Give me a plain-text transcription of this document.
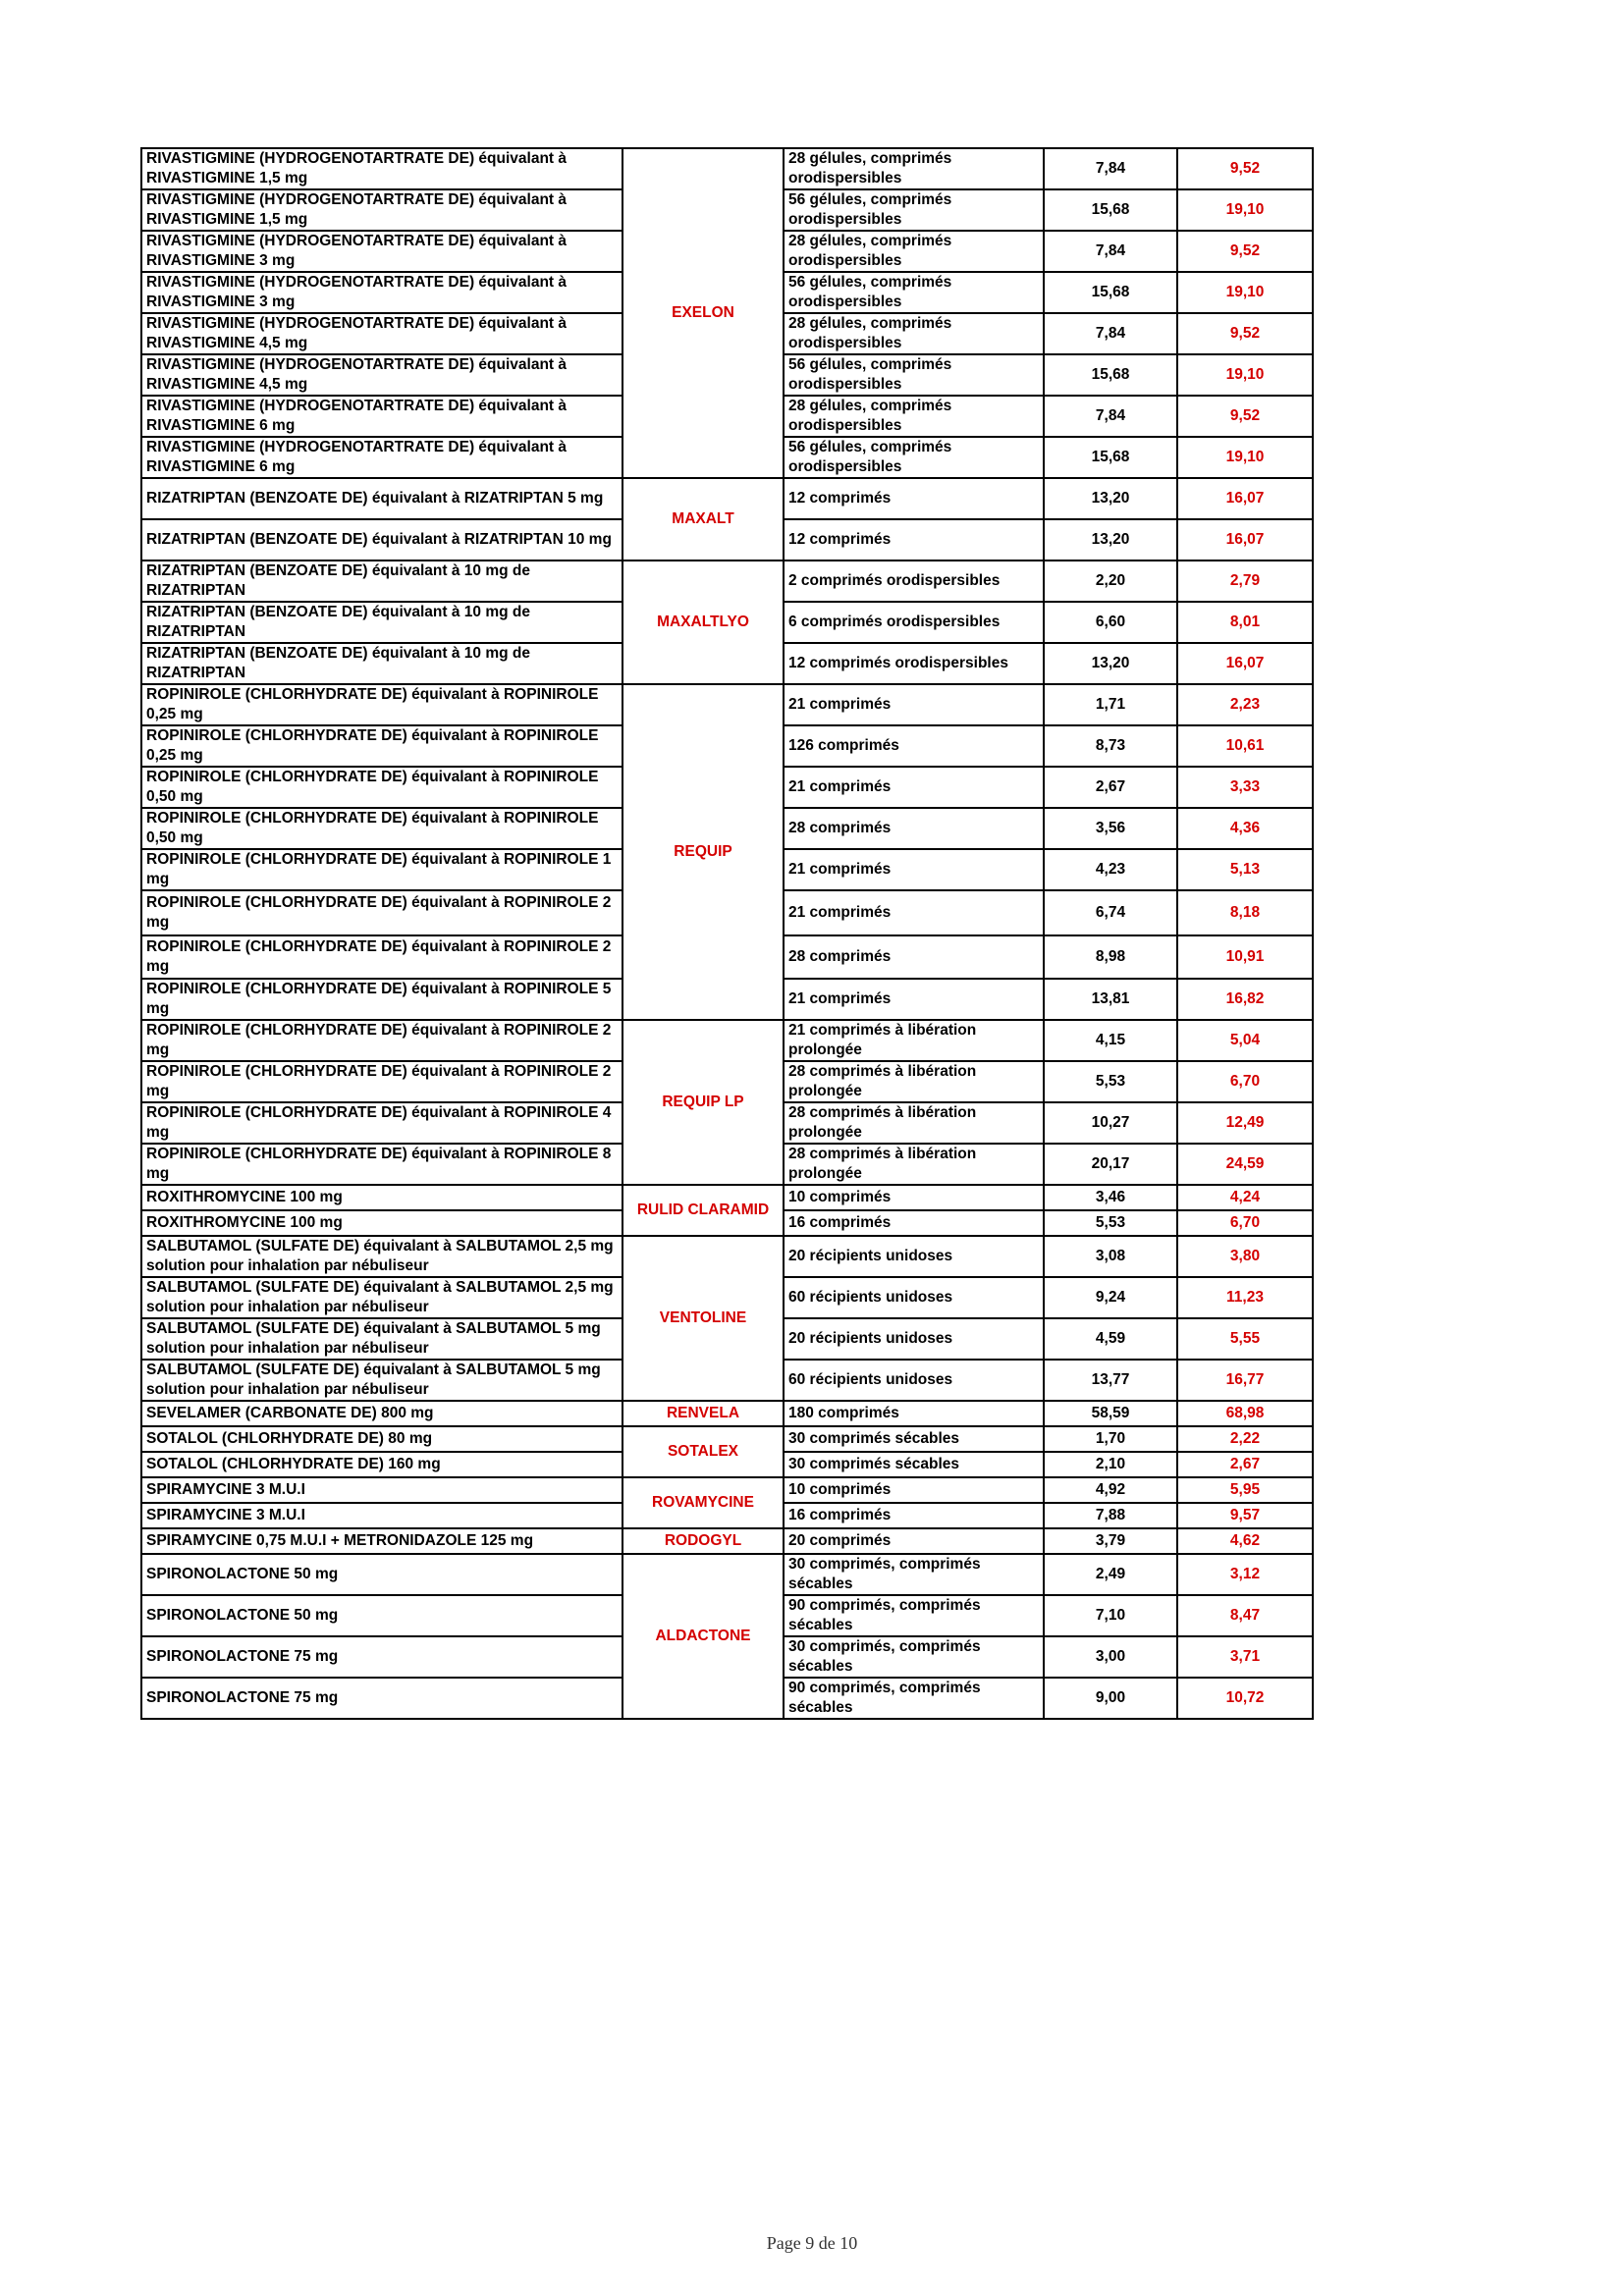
RIVASTIGMINE (HYDROGENOTARTRATE DE) équivalant à RIVASTIGMINE 1,5 mg	EXELON	28 gélules, comprimés orodispersibles	7,84	9,52
RIVASTIGMINE (HYDROGENOTARTRATE DE) équivalant à RIVASTIGMINE 1,5 mg		56 gélules, comprimés orodispersibles	15,68	19,10
RIVASTIGMINE (HYDROGENOTARTRATE DE) équivalant à RIVASTIGMINE 3 mg		28 gélules, comprimés orodispersibles	7,84	9,52
RIVASTIGMINE (HYDROGENOTARTRATE DE) équivalant à RIVASTIGMINE 3 mg		56 gélules, comprimés orodispersibles	15,68	19,10
RIVASTIGMINE (HYDROGENOTARTRATE DE) équivalant à RIVASTIGMINE 4,5 mg		28 gélules, comprimés orodispersibles	7,84	9,52
RIVASTIGMINE (HYDROGENOTARTRATE DE) équivalant à RIVASTIGMINE 4,5 mg		56 gélules, comprimés orodispersibles	15,68	19,10
RIVASTIGMINE (HYDROGENOTARTRATE DE) équivalant à RIVASTIGMINE 6 mg		28 gélules, comprimés orodispersibles	7,84	9,52
RIVASTIGMINE (HYDROGENOTARTRATE DE) équivalant à RIVASTIGMINE 6 mg		56 gélules, comprimés orodispersibles	15,68	19,10
RIZATRIPTAN (BENZOATE DE) équivalant à RIZATRIPTAN 5 mg	MAXALT	12 comprimés	13,20	16,07
RIZATRIPTAN (BENZOATE DE) équivalant à RIZATRIPTAN 10 mg		12 comprimés	13,20	16,07
RIZATRIPTAN (BENZOATE DE) équivalant à 10 mg de RIZATRIPTAN	MAXALTLYO	2 comprimés orodispersibles	2,20	2,79
RIZATRIPTAN (BENZOATE DE) équivalant à 10 mg de RIZATRIPTAN		6 comprimés orodispersibles	6,60	8,01
RIZATRIPTAN (BENZOATE DE) équivalant à 10 mg de RIZATRIPTAN		12 comprimés orodispersibles	13,20	16,07
ROPINIROLE (CHLORHYDRATE DE) équivalant à ROPINIROLE 0,25 mg	REQUIP	21 comprimés	1,71	2,23
ROPINIROLE (CHLORHYDRATE DE) équivalant à ROPINIROLE 0,25 mg		126 comprimés	8,73	10,61
ROPINIROLE (CHLORHYDRATE DE) équivalant à ROPINIROLE 0,50 mg		21 comprimés	2,67	3,33
ROPINIROLE (CHLORHYDRATE DE) équivalant à ROPINIROLE 0,50 mg		28 comprimés	3,56	4,36
ROPINIROLE (CHLORHYDRATE DE) équivalant à ROPINIROLE 1 mg		21 comprimés	4,23	5,13
ROPINIROLE (CHLORHYDRATE DE) équivalant à ROPINIROLE 2 mg		21 comprimés	6,74	8,18
ROPINIROLE (CHLORHYDRATE DE) équivalant à ROPINIROLE 2 mg		28 comprimés	8,98	10,91
ROPINIROLE (CHLORHYDRATE DE) équivalant à ROPINIROLE 5 mg		21 comprimés	13,81	16,82
ROPINIROLE (CHLORHYDRATE DE) équivalant à ROPINIROLE 2 mg	REQUIP LP	21 comprimés à libération prolongée	4,15	5,04
ROPINIROLE (CHLORHYDRATE DE) équivalant à ROPINIROLE 2 mg		28 comprimés à libération prolongée	5,53	6,70
ROPINIROLE (CHLORHYDRATE DE) équivalant à ROPINIROLE 4 mg		28 comprimés à libération prolongée	10,27	12,49
ROPINIROLE (CHLORHYDRATE DE) équivalant à ROPINIROLE 8 mg		28 comprimés à libération prolongée	20,17	24,59
ROXITHROMYCINE 100 mg	RULID CLARAMID	10 comprimés	3,46	4,24
ROXITHROMYCINE 100 mg		16 comprimés	5,53	6,70
SALBUTAMOL (SULFATE DE) équivalant à SALBUTAMOL 2,5 mg solution pour inhalation par nébuliseur	VENTOLINE	20 récipients unidoses	3,08	3,80
SALBUTAMOL (SULFATE DE) équivalant à SALBUTAMOL 2,5 mg solution pour inhalation par nébuliseur		60 récipients unidoses	9,24	11,23
SALBUTAMOL (SULFATE DE) équivalant à SALBUTAMOL 5 mg solution pour inhalation par nébuliseur		20 récipients unidoses	4,59	5,55
SALBUTAMOL (SULFATE DE) équivalant à SALBUTAMOL 5 mg solution pour inhalation par nébuliseur		60 récipients unidoses	13,77	16,77
SEVELAMER (CARBONATE DE) 800 mg	RENVELA	180 comprimés	58,59	68,98
SOTALOL (CHLORHYDRATE DE) 80 mg	SOTALEX	30 comprimés sécables	1,70	2,22
SOTALOL (CHLORHYDRATE DE) 160 mg		30 comprimés sécables	2,10	2,67
SPIRAMYCINE 3 M.U.I	ROVAMYCINE	10 comprimés	4,92	5,95
SPIRAMYCINE 3 M.U.I		16 comprimés	7,88	9,57
SPIRAMYCINE 0,75 M.U.I + METRONIDAZOLE 125 mg	RODOGYL	20 comprimés	3,79	4,62
SPIRONOLACTONE 50 mg	ALDACTONE	30 comprimés, comprimés sécables	2,49	3,12
SPIRONOLACTONE 50 mg		90 comprimés, comprimés sécables	7,10	8,47
SPIRONOLACTONE 75 mg		30 comprimés, comprimés sécables	3,00	3,71
SPIRONOLACTONE 75 mg		90 comprimés, comprimés sécables	9,00	10,72
Page 9 de 10
